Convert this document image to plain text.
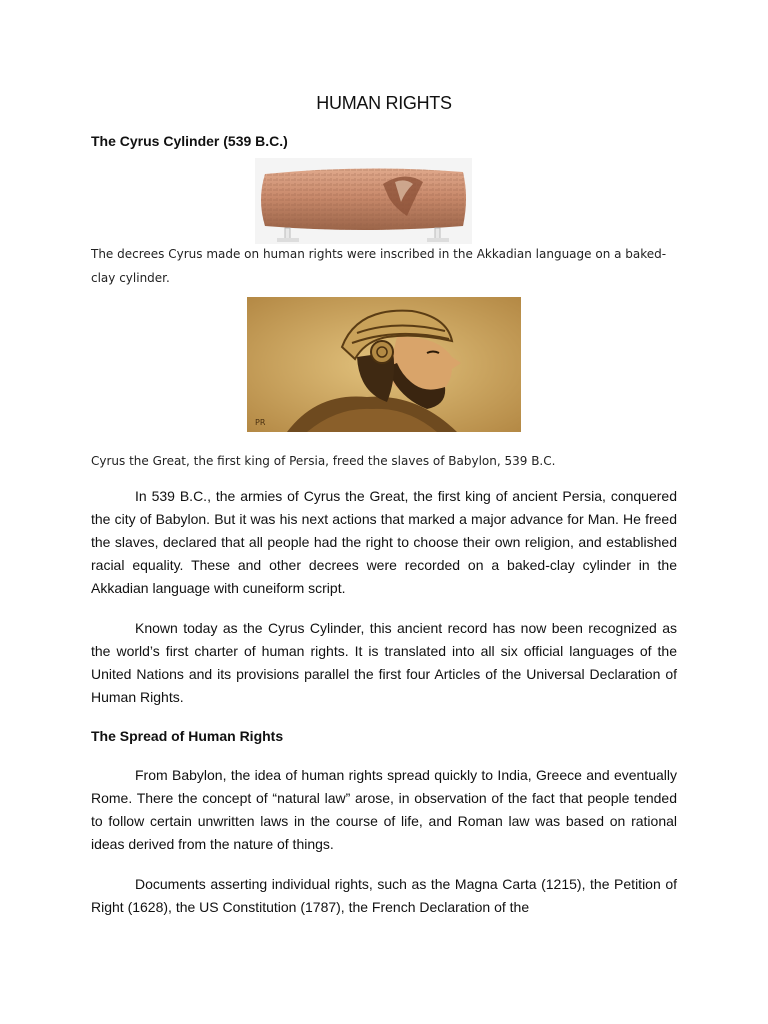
HUMAN RIGHTS
The Cyrus Cylinder (539 B.C.)
The decrees Cyrus made on human rights were inscribed in the Akkadian language on a baked-clay cylinder.
PR
Cyrus the Great, the first king of Persia, freed the slaves of Babylon, 539 B.C.

In 539 B.C., the armies of Cyrus the Great, the first king of ancient Persia, conquered the city of Babylon. But it was his next actions that marked a major advance for Man. He freed the slaves, declared that all people had the right to choose their own religion, and established racial equality. These and other decrees were recorded on a baked-clay cylinder in the Akkadian language with cuneiform script.

Known today as the Cyrus Cylinder, this ancient record has now been recognized as the world’s first charter of human rights. It is translated into all six official languages of the United Nations and its provisions parallel the first four Articles of the Universal Declaration of Human Rights.

The Spread of Human Rights

From Babylon, the idea of human rights spread quickly to India, Greece and eventually Rome. There the concept of “natural law” arose, in observation of the fact that people tended to follow certain unwritten laws in the course of life, and Roman law was based on rational ideas derived from the nature of things.

Documents asserting individual rights, such as the Magna Carta (1215), the Petition of Right (1628), the US Constitution (1787), the French Declaration of the
